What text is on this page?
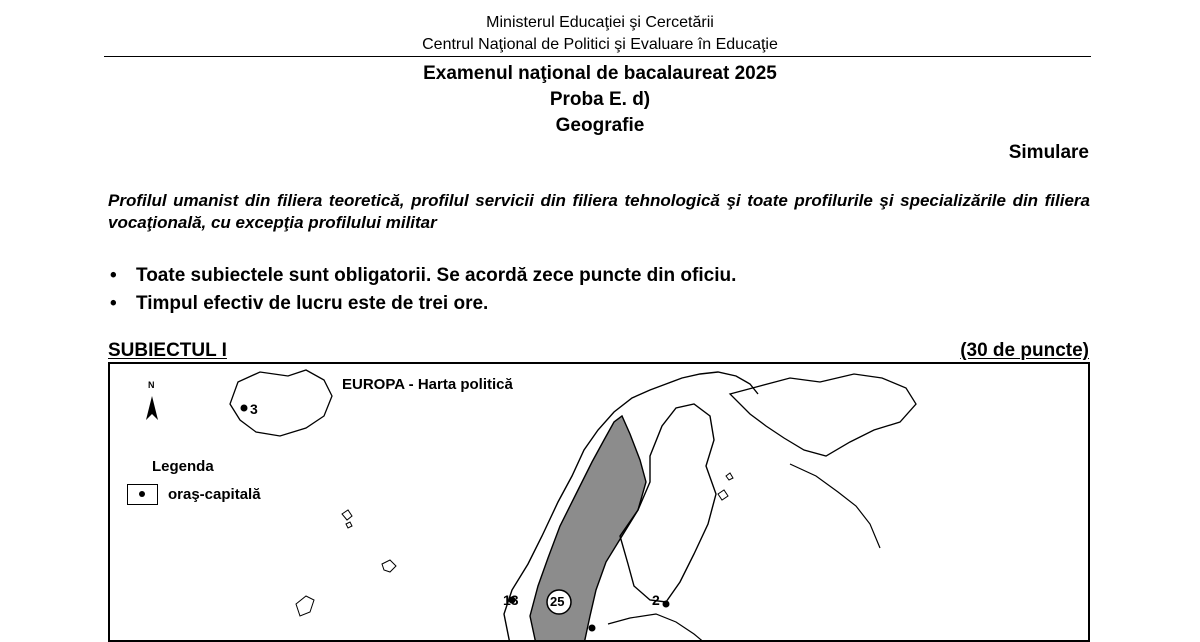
Ministerul Educaţiei şi Cercetării
Centrul Naţional de Politici şi Evaluare în Educaţie
Examenul naţional de bacalaureat 2025
Proba E. d)
Geografie
Simulare
Profilul umanist din filiera teoretică, profilul servicii din filiera tehnologică şi toate profilurile şi specializările din filiera vocaţională, cu excepţia profilului militar
• Toate subiectele sunt obligatorii. Se acordă zece puncte din oficiu.
• Timpul efectiv de lucru este de trei ore.
SUBIECTUL I	(30 de puncte)
N	EUROPA - Harta politică
Legenda
oraş-capitală
3
2
13 25
